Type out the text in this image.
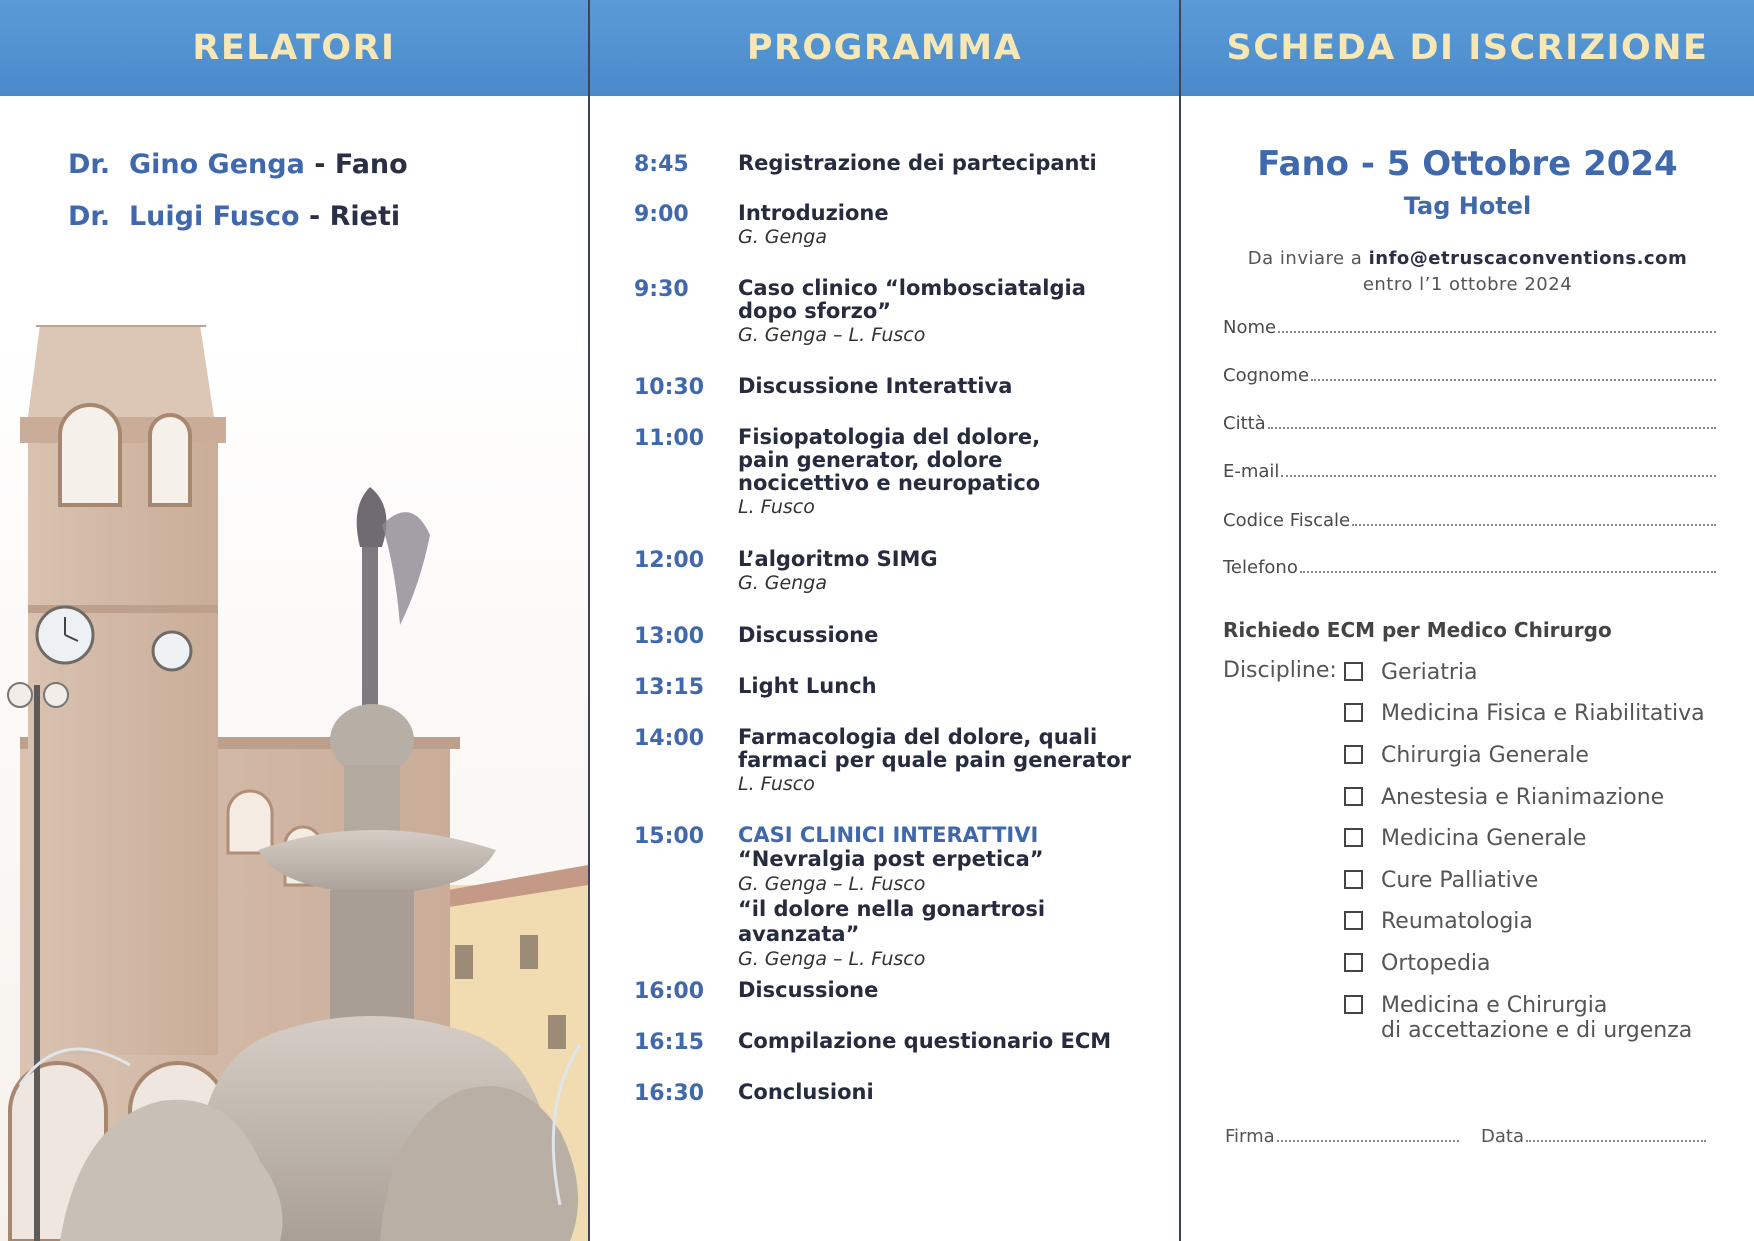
RELATORI
Dr. Gino Genga - Fano
Dr. Luigi Fusco - Rieti
PROGRAMMA
8:45 Registrazione dei partecipanti
9:00 Introduzione
G. Genga
9:30 Caso clinico “lombosciatalgia dopo sforzo”
G. Genga – L. Fusco
10:30 Discussione Interattiva
11:00 Fisiopatologia del dolore, pain generator, dolore nocicettivo e neuropatico
L. Fusco
12:00 L’algoritmo SIMG
G. Genga
13:00 Discussione
13:15 Light Lunch
14:00 Farmacologia del dolore, quali farmaci per quale pain generator
L. Fusco
15:00 CASI CLINICI INTERATTIVI
“Nevralgia post erpetica”
G. Genga – L. Fusco
“il dolore nella gonartrosi avanzata”
G. Genga – L. Fusco
16:00 Discussione
16:15 Compilazione questionario ECM
16:30 Conclusioni
SCHEDA DI ISCRIZIONE
Fano - 5 Ottobre 2024
Tag Hotel
Da inviare a info@etruscaconventions.com
entro l’1 ottobre 2024
Nome
Cognome
Città
E-mail
Codice Fiscale
Telefono
Richiedo ECM per Medico Chirurgo
Discipline: Geriatria
Medicina Fisica e Riabilitativa
Chirurgia Generale
Anestesia e Rianimazione
Medicina Generale
Cure Palliative
Reumatologia
Ortopedia
Medicina e Chirurgia
di accettazione e di urgenza
Firma	Data
